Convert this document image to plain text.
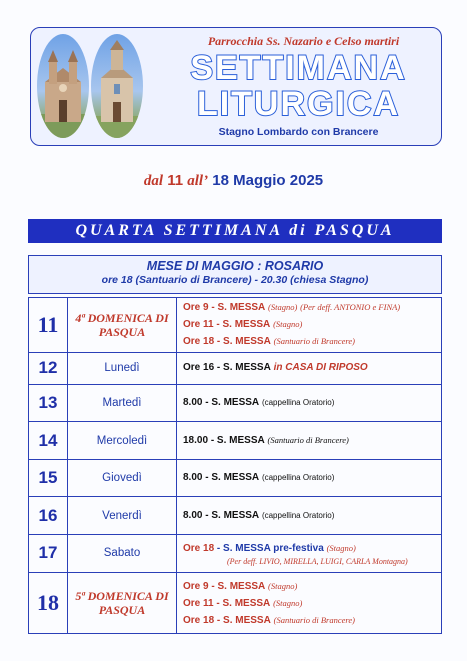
Parrocchia Ss. Nazario e Celso martiri
SETTIMANA
LITURGICA
Stagno Lombardo con Brancere
dal 11 all’ 18 Maggio 2025
QUARTA SETTIMANA di PASQUA
MESE DI MAGGIO : ROSARIO
ore 18 (Santuario di Brancere) - 20.30 (chiesa Stagno)
11	4ª DOMENICA DI PASQUA	Ore 9 - S. MESSA (Stagno) (Per deff. ANTONIO e FINA)
Ore 11 - S. MESSA (Stagno)
Ore 18 - S. MESSA (Santuario di Brancere)

12	Lunedì	Ore 16 - S. MESSA in CASA DI RIPOSO

13	Martedì	8.00 - S. MESSA (cappellina Oratorio)

14	Mercoledì	18.00 - S. MESSA (Santuario di Brancere)

15	Giovedì	8.00 - S. MESSA (cappellina Oratorio)

16	Venerdì	8.00 - S. MESSA (cappellina Oratorio)

17	Sabato	Ore 18 - S. MESSA pre-festiva (Stagno)
(Per deff. LIVIO, MIRELLA, LUIGI, CARLA Montagna)

18	5ª DOMENICA DI PASQUA	Ore 9 - S. MESSA (Stagno)
Ore 11 - S. MESSA (Stagno)
Ore 18 - S. MESSA (Santuario di Brancere)
